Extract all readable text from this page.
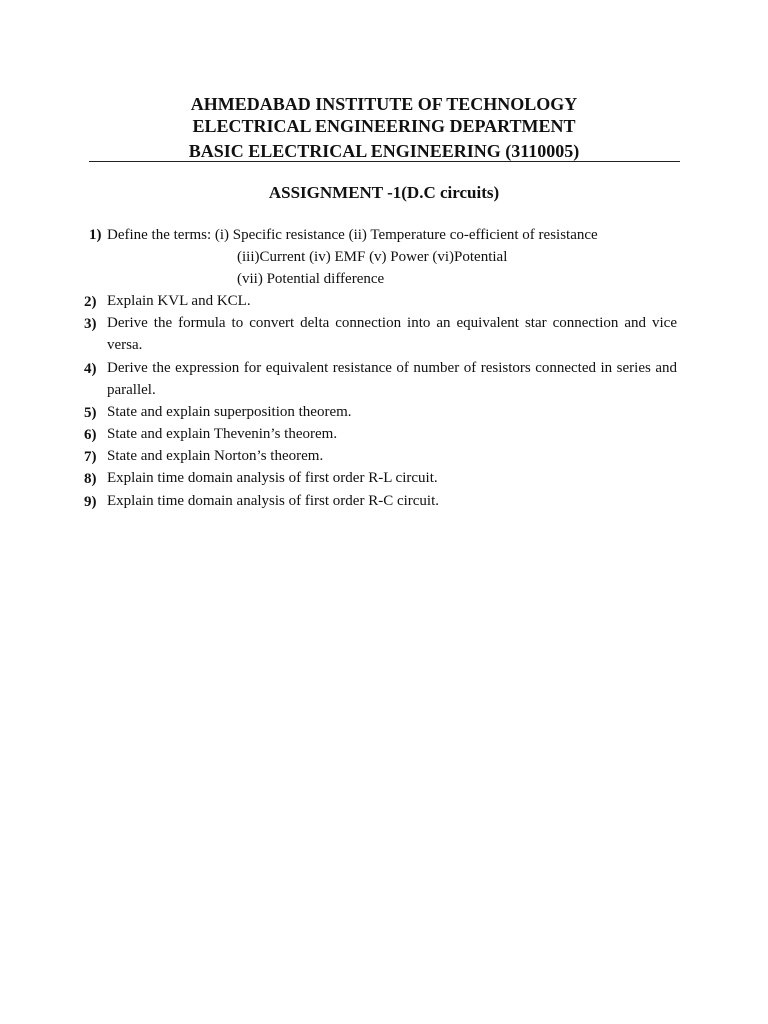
AHMEDABAD INSTITUTE OF TECHNOLOGY
ELECTRICAL ENGINEERING DEPARTMENT
BASIC ELECTRICAL ENGINEERING (3110005)
ASSIGNMENT -1(D.C circuits)
1) Define the terms: (i) Specific resistance (ii) Temperature co-efficient of resistance
(iii)Current (iv) EMF (v) Power (vi)Potential
(vii) Potential difference
2) Explain KVL and KCL.
3) Derive the formula to convert delta connection into an equivalent star connection and vice versa.
4) Derive the expression for equivalent resistance of number of resistors connected in series and parallel.
5) State and explain superposition theorem.
6) State and explain Thevenin’s theorem.
7) State and explain Norton’s theorem.
8) Explain time domain analysis of first order R-L circuit.
9) Explain time domain analysis of first order R-C circuit.
